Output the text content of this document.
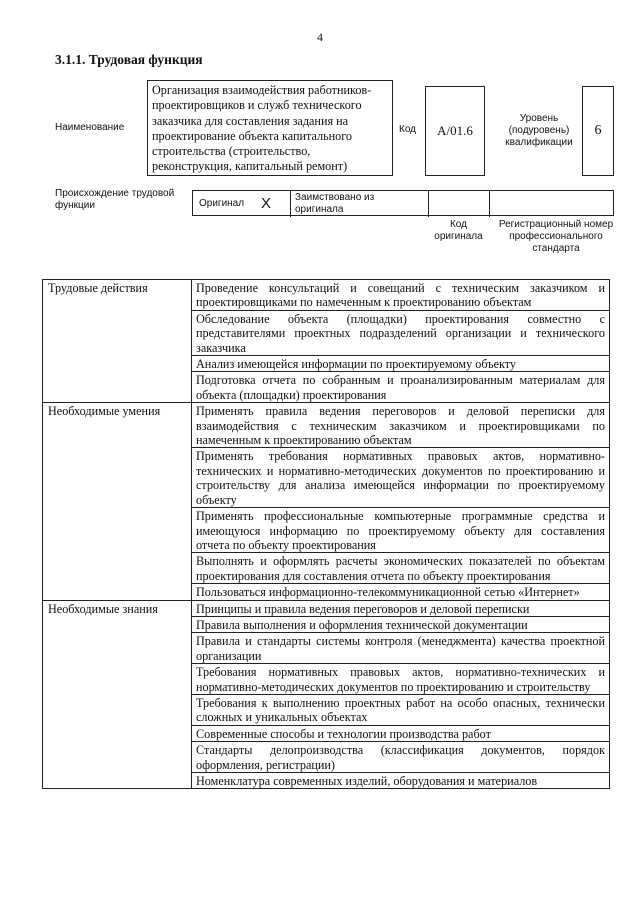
4
3.1.1. Трудовая функция
Наименование
Организация взаимодействия работников-проектировщиков и служб технического заказчика для составления задания на проектирование объекта капитального строительства (строительство, реконструкция, капитальный ремонт)
Код А/01.6
Уровень (подуровень) квалификации
6
Происхождение трудовой функции	Оригинал X Заимствовано из оригинала
Код оригинала
Регистрационный номер профессионального стандарта
Трудовые действия	Проведение консультаций и совещаний с техническим заказчиком и проектировщиками по намеченным к проектированию объектам
	Обследование объекта (площадки) проектирования совместно с представителями проектных подразделений организации и технического заказчика
	Анализ имеющейся информации по проектируемому объекту
	Подготовка отчета по собранным и проанализированным материалам для объекта (площадки) проектирования
Необходимые умения	Применять правила ведения переговоров и деловой переписки для взаимодействия с техническим заказчиком и проектировщиками по намеченным к проектированию объектам
	Применять требования нормативных правовых актов, нормативно-технических и нормативно-методических документов по проектированию и строительству для анализа имеющейся информации по проектируемому объекту
	Применять профессиональные компьютерные программные средства и имеющуюся информацию по проектируемому объекту для составления отчета по объекту проектирования
	Выполнять и оформлять расчеты экономических показателей по объектам проектирования для составления отчета по объекту проектирования
	Пользоваться информационно-телекоммуникационной сетью «Интернет»
Необходимые знания	Принципы и правила ведения переговоров и деловой переписки
	Правила выполнения и оформления технической документации
	Правила и стандарты системы контроля (менеджмента) качества проектной организации
	Требования нормативных правовых актов, нормативно-технических и нормативно-методических документов по проектированию и строительству
	Требования к выполнению проектных работ на особо опасных, технически сложных и уникальных объектах
	Современные способы и технологии производства работ
	Стандарты делопроизводства (классификация документов, порядок оформления, регистрации)
	Номенклатура современных изделий, оборудования и материалов
